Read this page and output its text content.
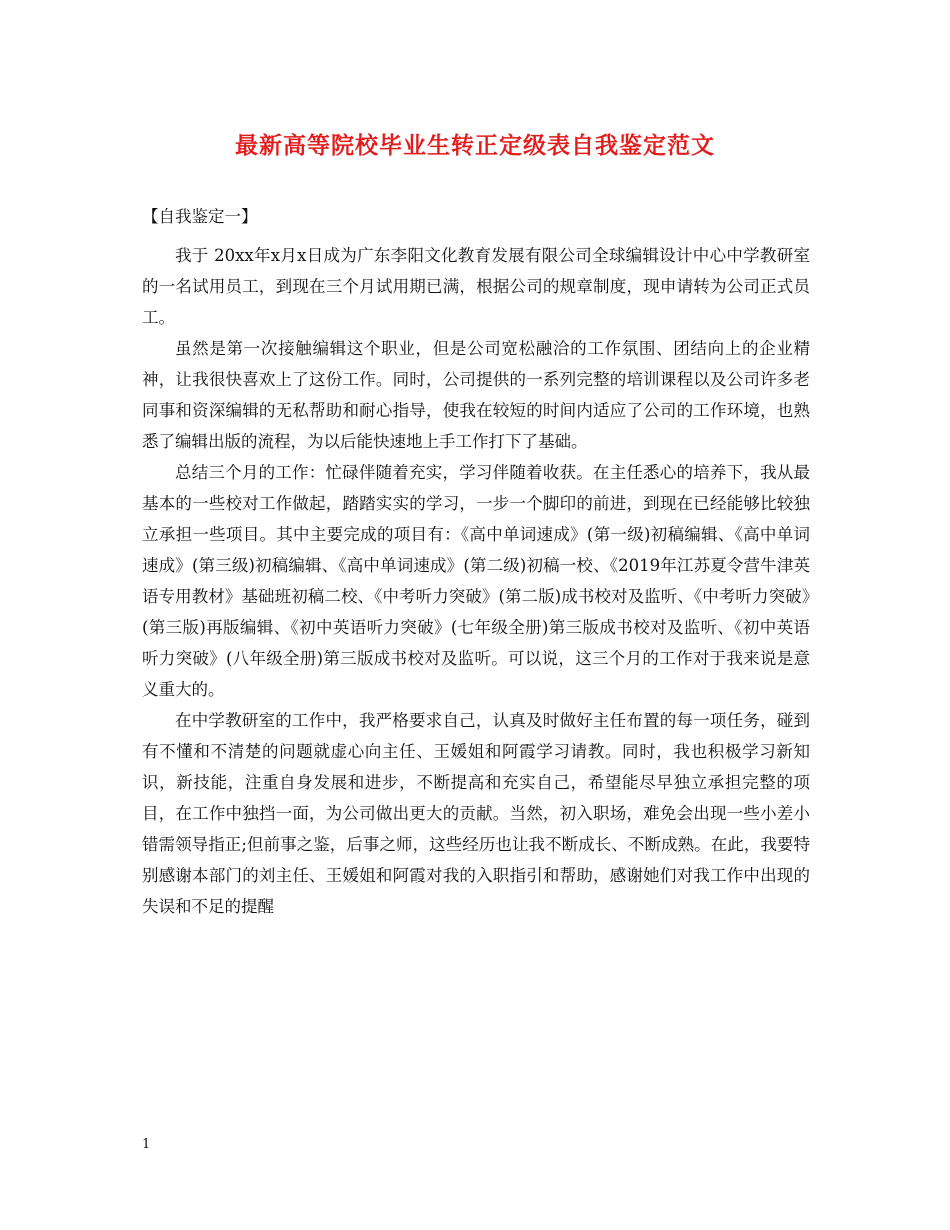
最新高等院校毕业生转正定级表自我鉴定范文

【自我鉴定一】

我于 20xx年x月x日成为广东李阳文化教育发展有限公司全球编辑设计中心中学教研室的一名试用员工，到现在三个月试用期已满，根据公司的规章制度，现申请转为公司正式员工。

虽然是第一次接触编辑这个职业，但是公司宽松融洽的工作氛围、团结向上的企业精神，让我很快喜欢上了这份工作。同时，公司提供的一系列完整的培训课程以及公司许多老同事和资深编辑的无私帮助和耐心指导，使我在较短的时间内适应了公司的工作环境，也熟悉了编辑出版的流程，为以后能快速地上手工作打下了基础。

总结三个月的工作：忙碌伴随着充实，学习伴随着收获。在主任悉心的培养下，我从最基本的一些校对工作做起，踏踏实实的学习，一步一个脚印的前进，到现在已经能够比较独立承担一些项目。其中主要完成的项目有：《高中单词速成》(第一级)初稿编辑、《高中单词速成》(第三级)初稿编辑、《高中单词速成》(第二级)初稿一校、《2019年江苏夏令营牛津英语专用教材》基础班初稿二校、《中考听力突破》(第二版)成书校对及监听、《中考听力突破》(第三版)再版编辑、《初中英语听力突破》(七年级全册)第三版成书校对及监听、《初中英语听力突破》(八年级全册)第三版成书校对及监听。可以说，这三个月的工作对于我来说是意义重大的。

在中学教研室的工作中，我严格要求自己，认真及时做好主任布置的每一项任务，碰到有不懂和不清楚的问题就虚心向主任、王媛姐和阿霞学习请教。同时，我也积极学习新知识，新技能，注重自身发展和进步，不断提高和充实自己，希望能尽早独立承担完整的项目，在工作中独挡一面，为公司做出更大的贡献。当然，初入职场，难免会出现一些小差小错需领导指正;但前事之鉴，后事之师，这些经历也让我不断成长、不断成熟。在此，我要特别感谢本部门的刘主任、王媛姐和阿霞对我的入职指引和帮助，感谢她们对我工作中出现的失误和不足的提醒

1
